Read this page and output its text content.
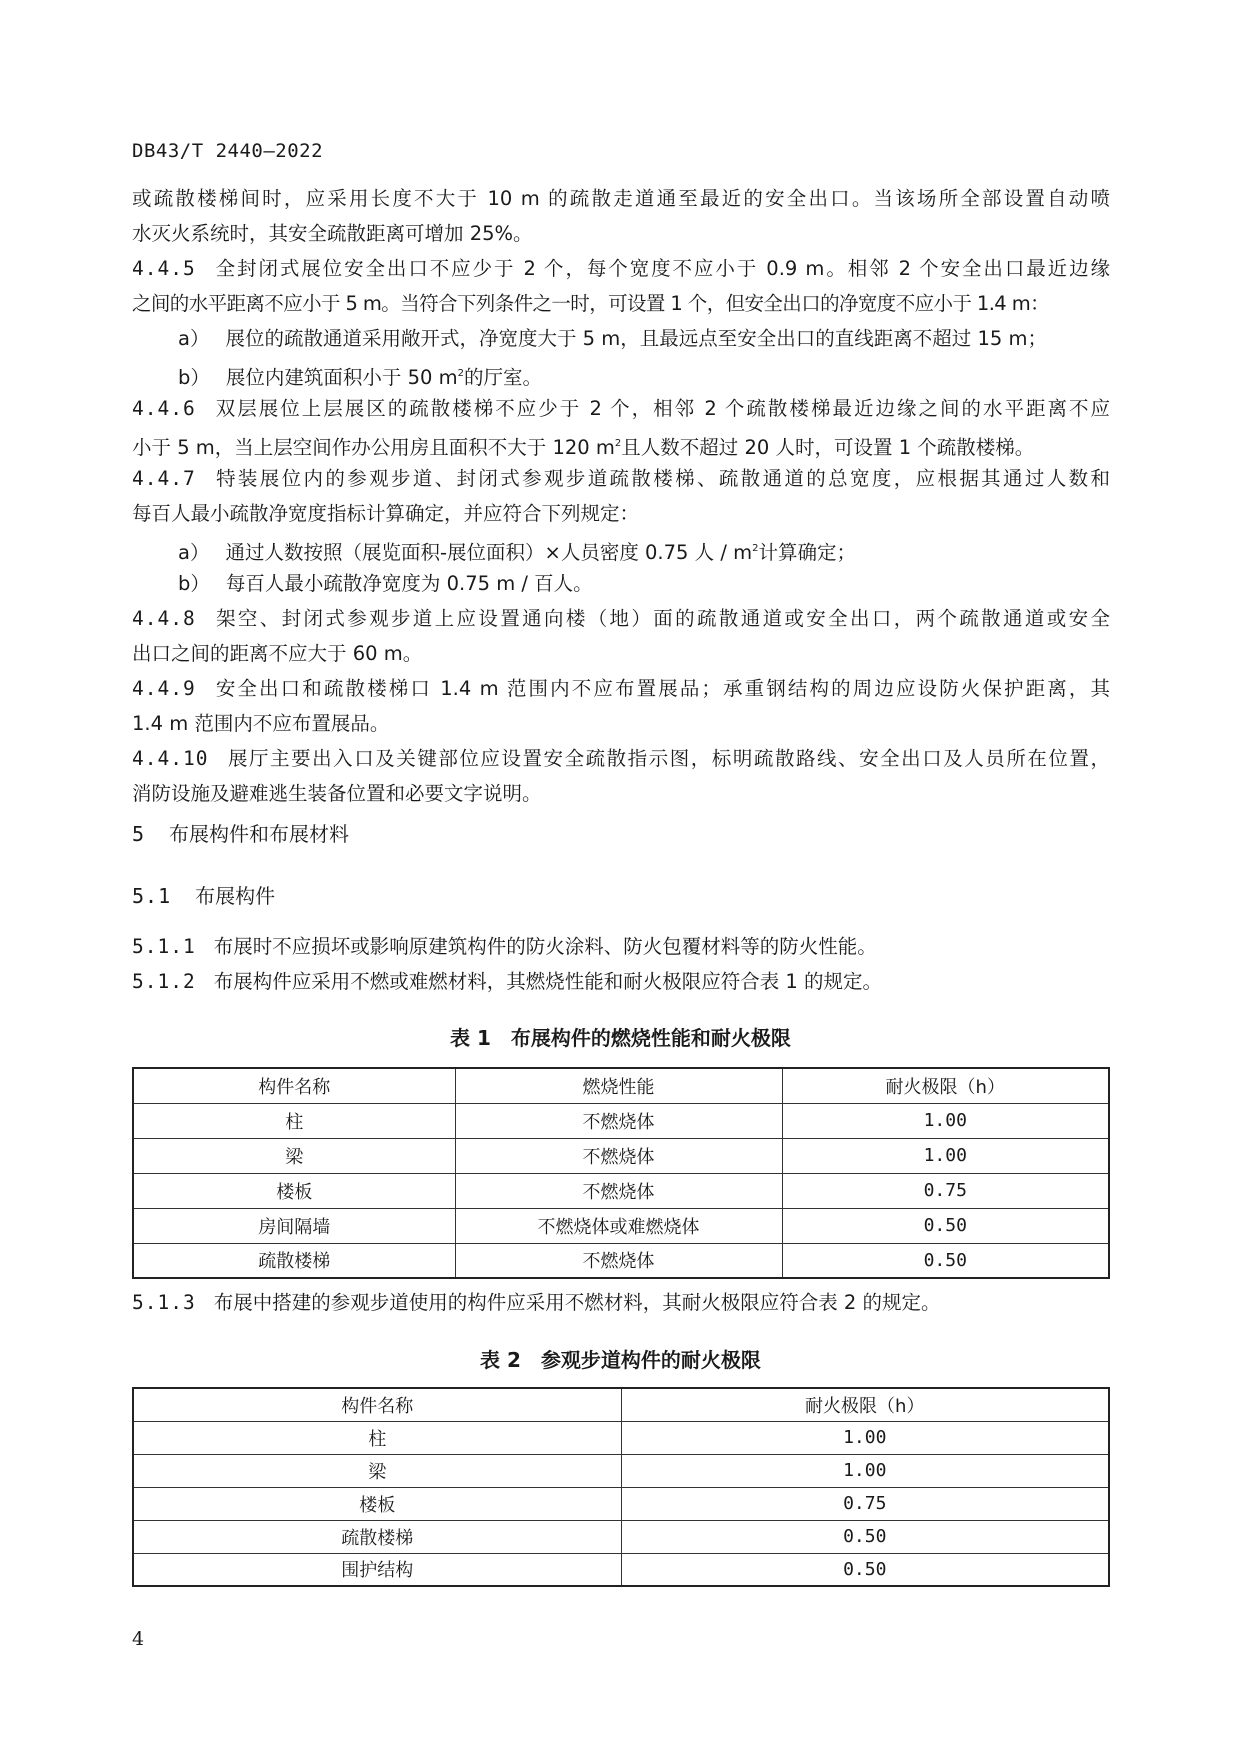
DB43/T 2440—2022
或疏散楼梯间时，应采用长度不大于 10 m 的疏散走道通至最近的安全出口。当该场所全部设置自动喷
水灭火系统时，其安全疏散距离可增加 25%。
4.4.5 全封闭式展位安全出口不应少于 2 个，每个宽度不应小于 0.9 m。相邻 2 个安全出口最近边缘
之间的水平距离不应小于 5 m。当符合下列条件之一时，可设置 1 个，但安全出口的净宽度不应小于 1.4 m：
a） 展位的疏散通道采用敞开式，净宽度大于 5 m，且最远点至安全出口的直线距离不超过 15 m；
b） 展位内建筑面积小于 50 $m^2$的厅室。
4.4.6 双层展位上层展区的疏散楼梯不应少于 2 个，相邻 2 个疏散楼梯最近边缘之间的水平距离不应
小于 5 m，当上层空间作办公用房且面积不大于 120 $m^2$且人数不超过 20 人时，可设置 1 个疏散楼梯。
4.4.7 特装展位内的参观步道、封闭式参观步道疏散楼梯、疏散通道的总宽度，应根据其通过人数和
每百人最小疏散净宽度指标计算确定，并应符合下列规定：
a） 通过人数按照（展览面积-展位面积）×人员密度 0.75 人 / $m^2$计算确定；
b） 每百人最小疏散净宽度为 0.75 m / 百人。
4.4.8 架空、封闭式参观步道上应设置通向楼（地）面的疏散通道或安全出口，两个疏散通道或安全
出口之间的距离不应大于 60 m。
4.4.9 安全出口和疏散楼梯口 1.4 m 范围内不应布置展品；承重钢结构的周边应设防火保护距离，其
1.4 m 范围内不应布置展品。
4.4.10 展厅主要出入口及关键部位应设置安全疏散指示图，标明疏散路线、安全出口及人员所在位置，
消防设施及避难逃生装备位置和必要文字说明。
5 布展构件和布展材料
5.1 布展构件
5.1.1 布展时不应损坏或影响原建筑构件的防火涂料、防火包覆材料等的防火性能。
5.1.2 布展构件应采用不燃或难燃材料，其燃烧性能和耐火极限应符合表 1 的规定。
表 1　布展构件的燃烧性能和耐火极限
构件名称	燃烧性能	耐火极限（h）
柱	不燃烧体	1.00
梁	不燃烧体	1.00
楼板	不燃烧体	0.75
房间隔墙	不燃烧体或难燃烧体	0.50
疏散楼梯	不燃烧体	0.50
5.1.3 布展中搭建的参观步道使用的构件应采用不燃材料，其耐火极限应符合表 2 的规定。
表 2　参观步道构件的耐火极限
构件名称	耐火极限（h）
柱	1.00
梁	1.00
楼板	0.75
疏散楼梯	0.50
围护结构	0.50
4
